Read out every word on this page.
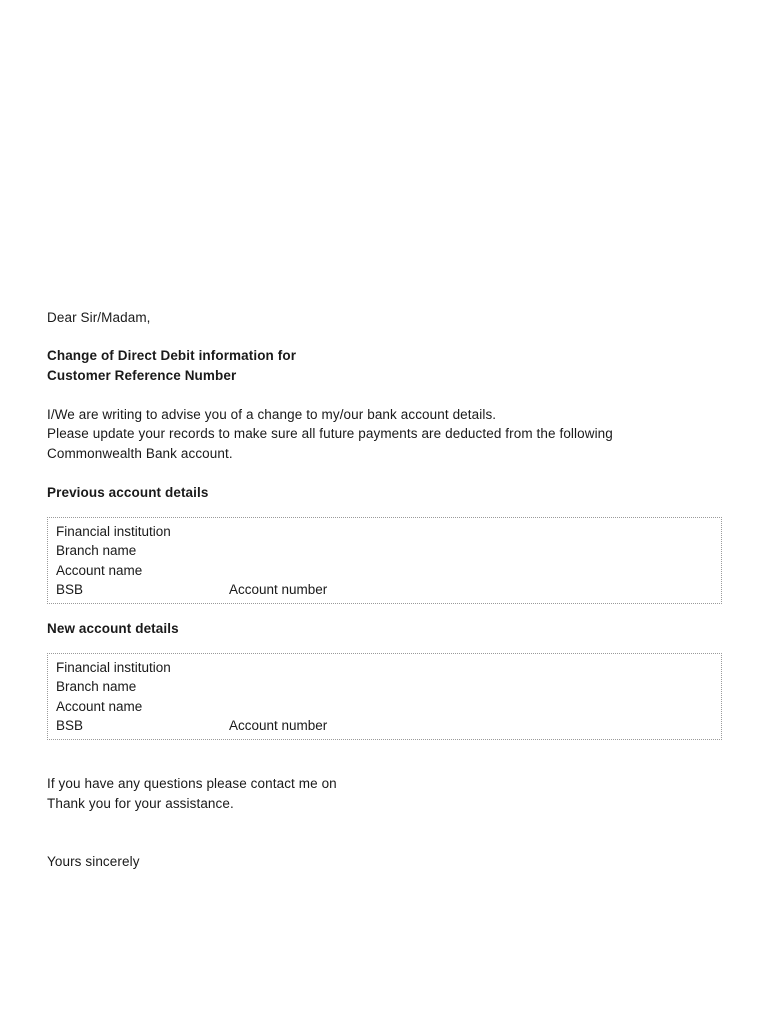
Dear Sir/Madam,
Change of Direct Debit information for
Customer Reference Number
I/We are writing to advise you of a change to my/our bank account details.
Please update your records to make sure all future payments are deducted from the following
Commonwealth Bank account.
Previous account details
Financial institution
Branch name
Account name
BSB	Account number
New account details
Financial institution
Branch name
Account name
BSB	Account number
If you have any questions please contact me on
Thank you for your assistance.
Yours sincerely
